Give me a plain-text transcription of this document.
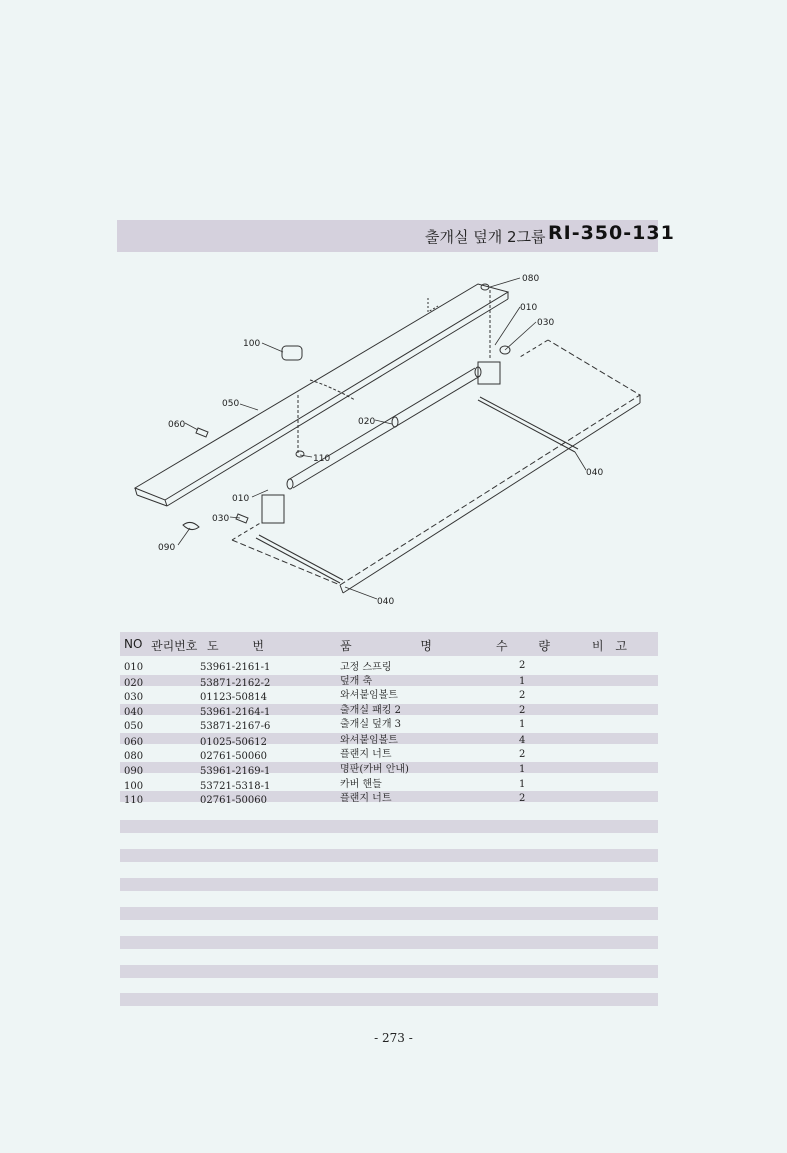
출개실 덮개 2그룹 RI-350-131
080
010
030
100
050
020
060
110
010
030
090
040
040
NO 관리번호 도 번	품 명	수 량	비 고
010	53961-2161-1	고정 스프링	2
020	53871-2162-2	덮개 축	1
030	01123-50814	와셔붙임볼트	2
040	53961-2164-1	출개실 패킹 2	2
050	53871-2167-6	출개실 덮개 3	1
060	01025-50612	와셔붙임볼트	4
080	02761-50060	플랜지 너트	2
090	53961-2169-1	명판(카버 안내)	1
100	53721-5318-1	카버 핸들	1
110	02761-50060	플랜지 너트	2
- 273 -
